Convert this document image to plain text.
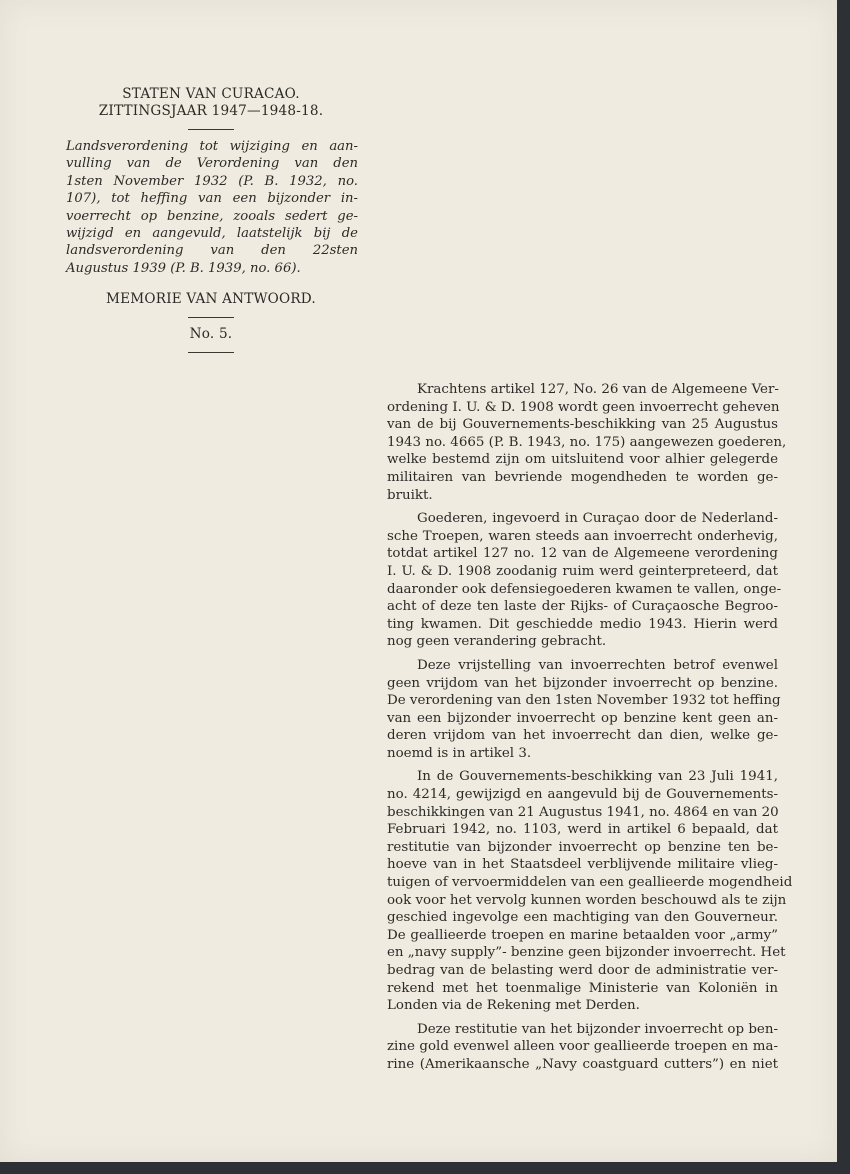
STATEN VAN CURACAO.
ZITTINGSJAAR 1947—1948-18.
Landsverordening tot wijziging en aan-
vulling van de Verordening van den
1sten November 1932 (P. B. 1932, no.
107), tot heffing van een bijzonder in-
voerrecht op benzine, zooals sedert ge-
wijzigd en aangevuld, laatstelijk bij de
landsverordening van den 22sten
Augustus 1939 (P. B. 1939, no. 66).
MEMORIE VAN ANTWOORD.
No. 5.
Krachtens artikel 127, No. 26 van de Algemeene Ver-
ordening I. U. & D. 1908 wordt geen invoerrecht geheven
van de bij Gouvernements-beschikking van 25 Augustus
1943 no. 4665 (P. B. 1943, no. 175) aangewezen goederen,
welke bestemd zijn om uitsluitend voor alhier gelegerde
militairen van bevriende mogendheden te worden ge-
bruikt.
Goederen, ingevoerd in Curaçao door de Nederland-
sche Troepen, waren steeds aan invoerrecht onderhevig,
totdat artikel 127 no. 12 van de Algemeene verordening
I. U. & D. 1908 zoodanig ruim werd geinterpreteerd, dat
daaronder ook defensiegoederen kwamen te vallen, onge-
acht of deze ten laste der Rijks- of Curaçaosche Begroo-
ting kwamen. Dit geschiedde medio 1943. Hierin werd
nog geen verandering gebracht.
Deze vrijstelling van invoerrechten betrof evenwel
geen vrijdom van het bijzonder invoerrecht op benzine.
De verordening van den 1sten November 1932 tot heffing
van een bijzonder invoerrecht op benzine kent geen an-
deren vrijdom van het invoerrecht dan dien, welke ge-
noemd is in artikel 3.
In de Gouvernements-beschikking van 23 Juli 1941,
no. 4214, gewijzigd en aangevuld bij de Gouvernements-
beschikkingen van 21 Augustus 1941, no. 4864 en van 20
Februari 1942, no. 1103, werd in artikel 6 bepaald, dat
restitutie van bijzonder invoerrecht op benzine ten be-
hoeve van in het Staatsdeel verblijvende militaire vlieg-
tuigen of vervoermiddelen van een geallieerde mogendheid
ook voor het vervolg kunnen worden beschouwd als te zijn
geschied ingevolge een machtiging van den Gouverneur.
De geallieerde troepen en marine betaalden voor „army”
en „navy supply”- benzine geen bijzonder invoerrecht. Het
bedrag van de belasting werd door de administratie ver-
rekend met het toenmalige Ministerie van Koloniën in
Londen via de Rekening met Derden.
Deze restitutie van het bijzonder invoerrecht op ben-
zine gold evenwel alleen voor geallieerde troepen en ma-
rine (Amerikaansche „Navy coastguard cutters”) en niet
